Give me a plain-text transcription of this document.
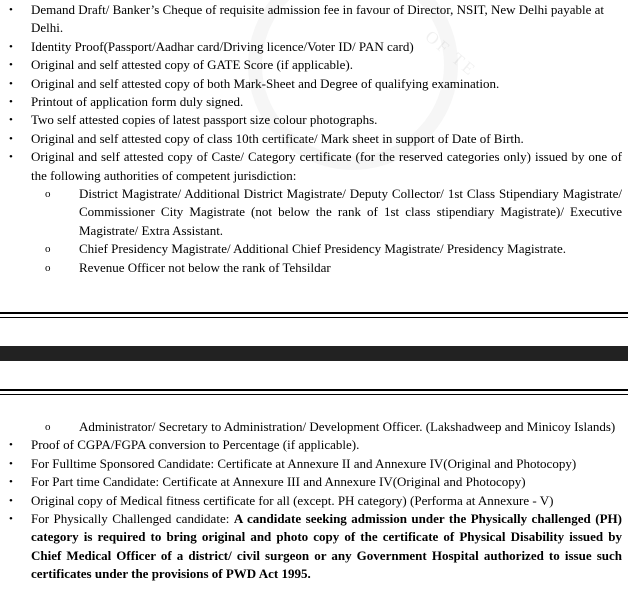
OF TE
• Demand Draft/ Banker’s Cheque of requisite admission fee in favour of Director, NSIT, New Delhi payable at Delhi.
• Identity Proof(Passport/Aadhar card/Driving licence/Voter ID/ PAN card)
• Original and self attested copy of GATE Score (if applicable).
• Original and self attested copy of both Mark-Sheet and Degree of qualifying examination.
• Printout of application form duly signed.
• Two self attested copies of latest passport size colour photographs.
• Original and self attested copy of class 10th certificate/ Mark sheet in support of Date of Birth.
• Original and self attested copy of Caste/ Category certificate (for the reserved categories only) issued by one of the following authorities of competent jurisdiction:
o District Magistrate/ Additional District Magistrate/ Deputy Collector/ 1st Class Stipendiary Magistrate/ Commissioner City Magistrate (not below the rank of 1st class stipendiary Magistrate)/ Executive Magistrate/ Extra Assistant.
o Chief Presidency Magistrate/ Additional Chief Presidency Magistrate/ Presidency Magistrate.
o Revenue Officer not below the rank of Tehsildar
o Administrator/ Secretary to Administration/ Development Officer. (Lakshadweep and Minicoy Islands)
• Proof of CGPA/FGPA conversion to Percentage (if applicable).
• For Fulltime Sponsored Candidate: Certificate at Annexure II and Annexure IV(Original and Photocopy)
• For Part time Candidate: Certificate at Annexure III and Annexure IV(Original and Photocopy)
• Original copy of Medical fitness certificate for all (except. PH category) (Performa at Annexure - V)
• For Physically Challenged candidate: A candidate seeking admission under the Physically challenged (PH) category is required to bring original and photo copy of the certificate of Physical Disability issued by Chief Medical Officer of a district/ civil surgeon or any Government Hospital authorized to issue such certificates under the provisions of PWD Act 1995.
